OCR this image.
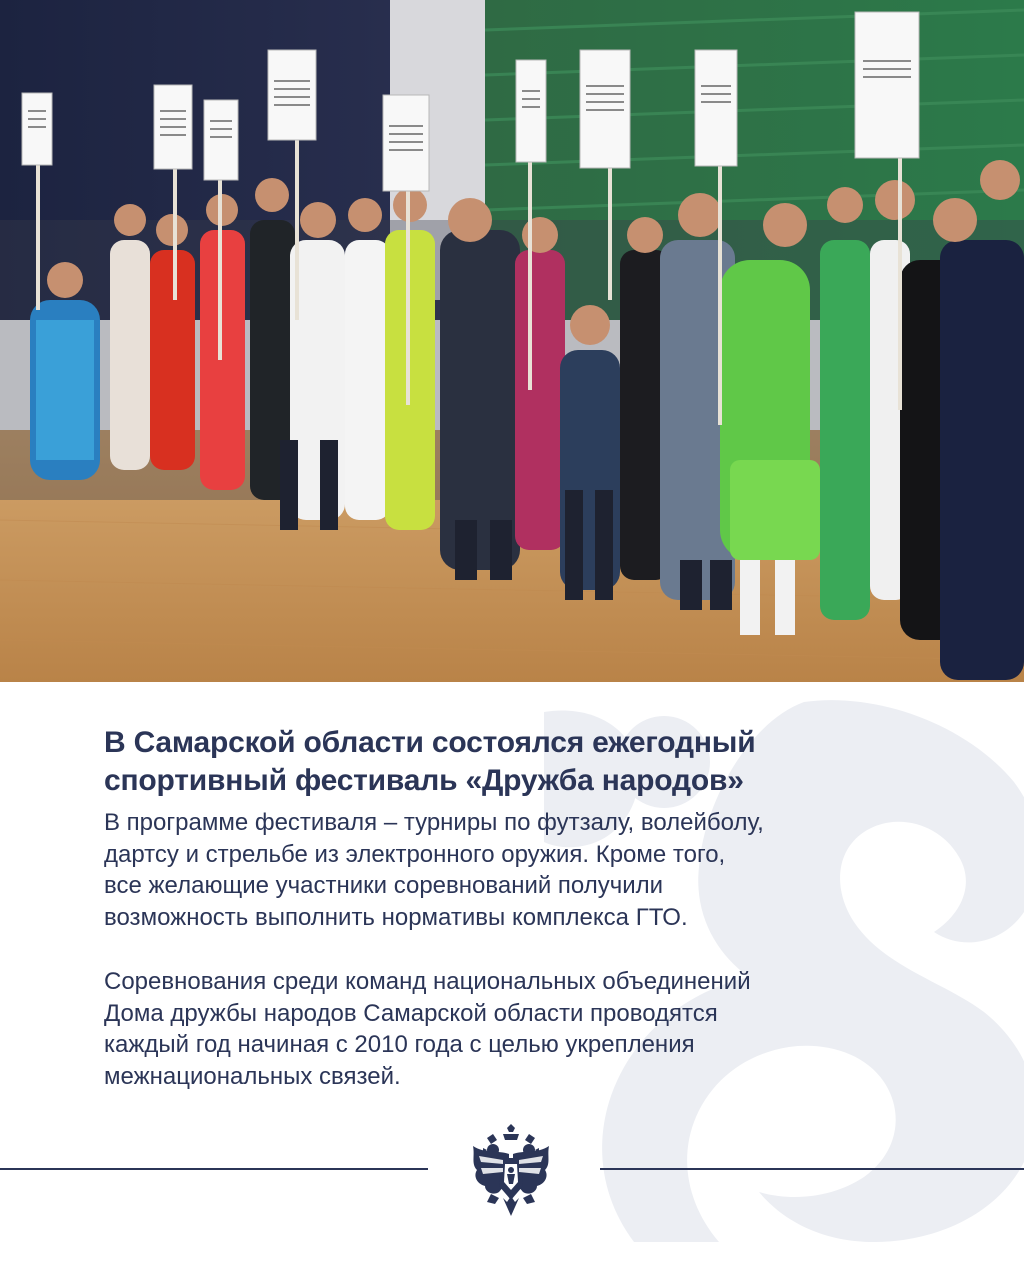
В Самарской области состоялся ежегодный
спортивный фестиваль «Дружба народов»

В программе фестиваля – турниры по футзалу, волейболу,
дартсу и стрельбе из электронного оружия. Кроме того,
все желающие участники соревнований получили
возможность выполнить нормативы комплекса ГТО.

Соревнования среди команд национальных объединений
Дома дружбы народов Самарской области проводятся
каждый год начиная с 2010 года с целью укрепления
межнациональных связей.
